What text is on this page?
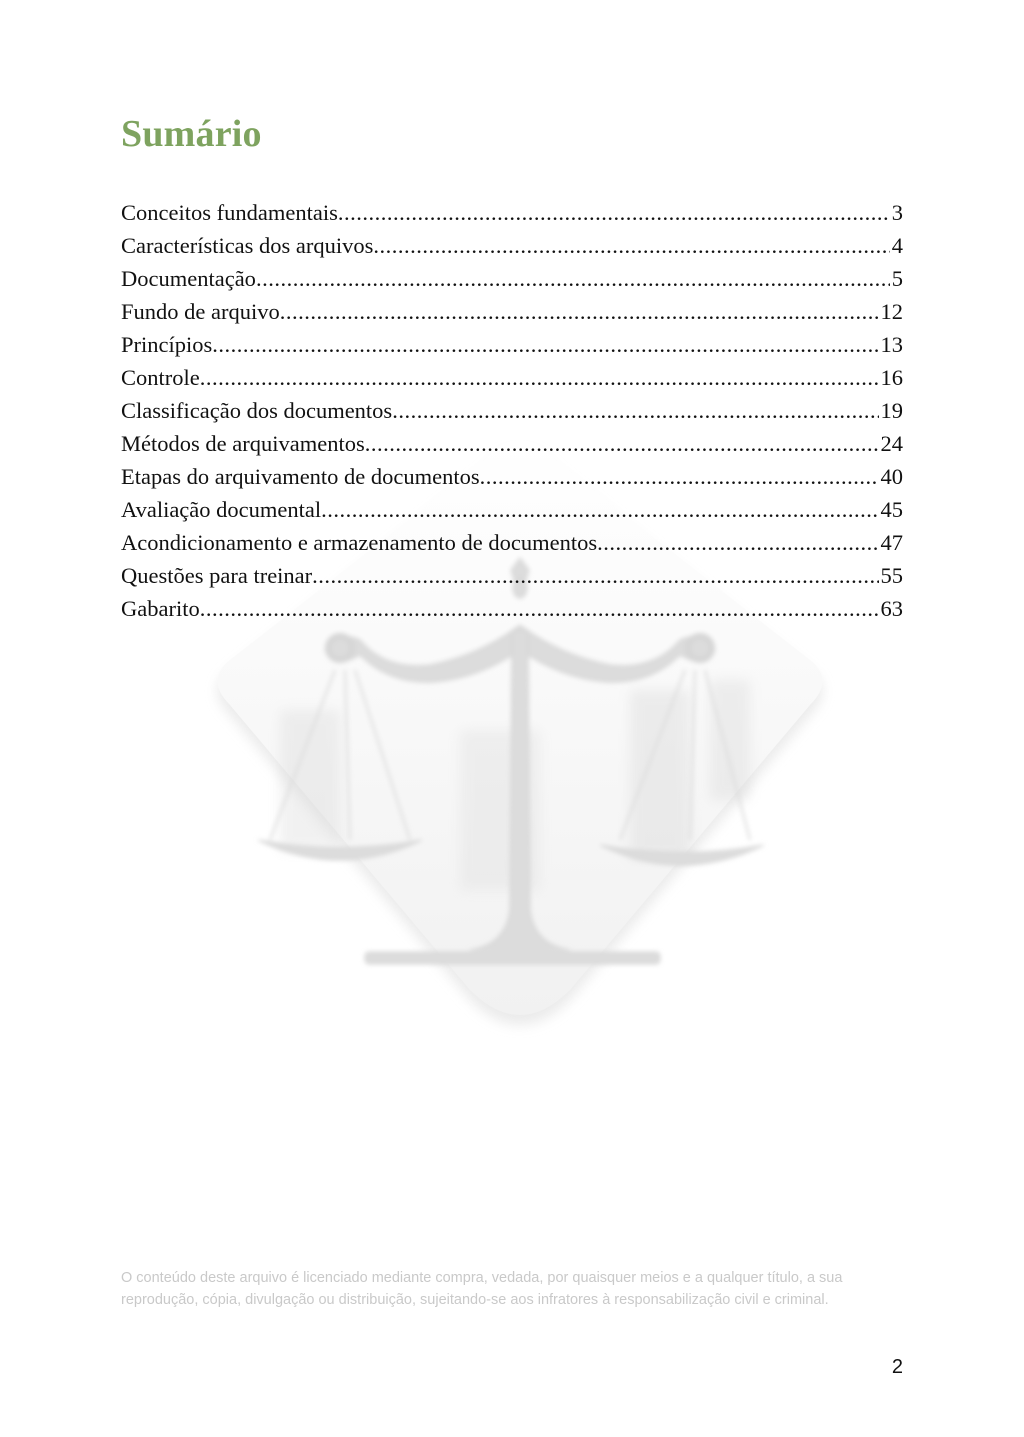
Sumário
Conceitos fundamentais .....	3
Características dos arquivos .....	4
Documentação .....	5
Fundo de arquivo .....	12
Princípios .....	13
Controle .....	16
Classificação dos documentos .....	19
Métodos de arquivamentos .....	24
Etapas do arquivamento de documentos .....	40
Avaliação documental .....	45
Acondicionamento e armazenamento de documentos .....	47
Questões para treinar .....	55
Gabarito .....	63

O conteúdo deste arquivo é licenciado mediante compra, vedada, por quaisquer meios e a qualquer título, a sua reprodução, cópia, divulgação ou distribuição, sujeitando-se aos infratores à responsabilização civil e criminal.

2
